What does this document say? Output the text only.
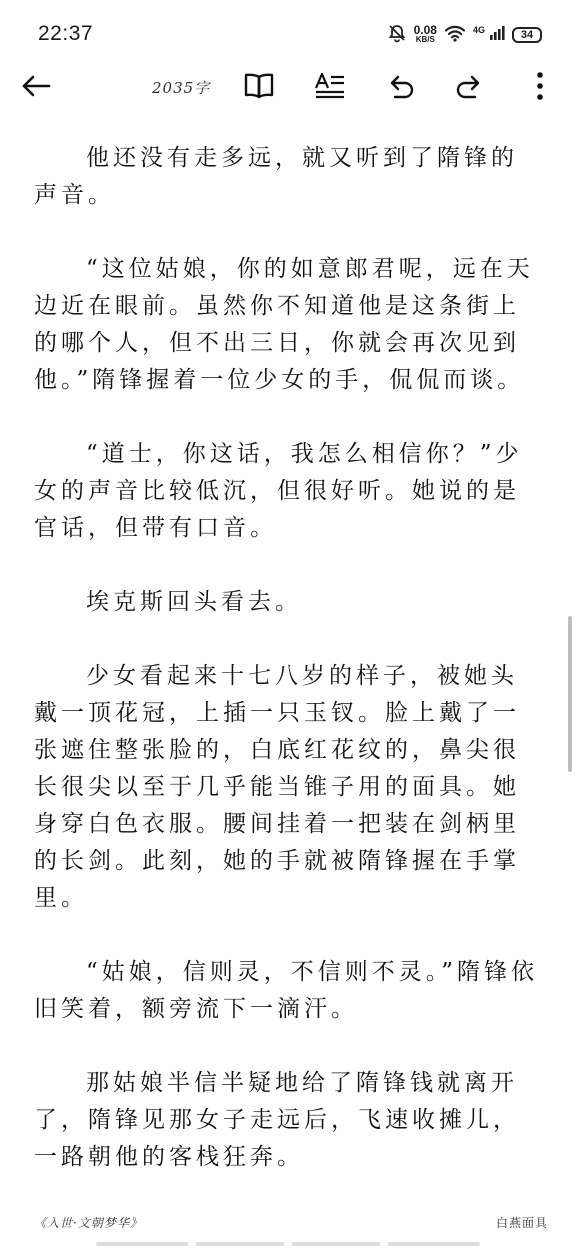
22:37	0.08
KB/S
4G	34
2035字

他还没有走多远，就又听到了隋锋的声音。

“这位姑娘，你的如意郎君呢，远在天边近在眼前。虽然你不知道他是这条街上的哪个人，但不出三日，你就会再次见到他。”隋锋握着一位少女的手，侃侃而谈。

“道士，你这话，我怎么相信你？”少女的声音比较低沉，但很好听。她说的是官话，但带有口音。

埃克斯回头看去。

少女看起来十七八岁的样子，被她头戴一顶花冠，上插一只玉钗。脸上戴了一张遮住整张脸的，白底红花纹的，鼻尖很长很尖以至于几乎能当锥子用的面具。她身穿白色衣服。腰间挂着一把装在剑柄里的长剑。此刻，她的手就被隋锋握在手掌里。

“姑娘，信则灵，不信则不灵。”隋锋依旧笑着，额旁流下一滴汗。

那姑娘半信半疑地给了隋锋钱就离开了，隋锋见那女子走远后，飞速收摊儿，一路朝他的客栈狂奔。

《入世·文朝梦华》	白燕面具
